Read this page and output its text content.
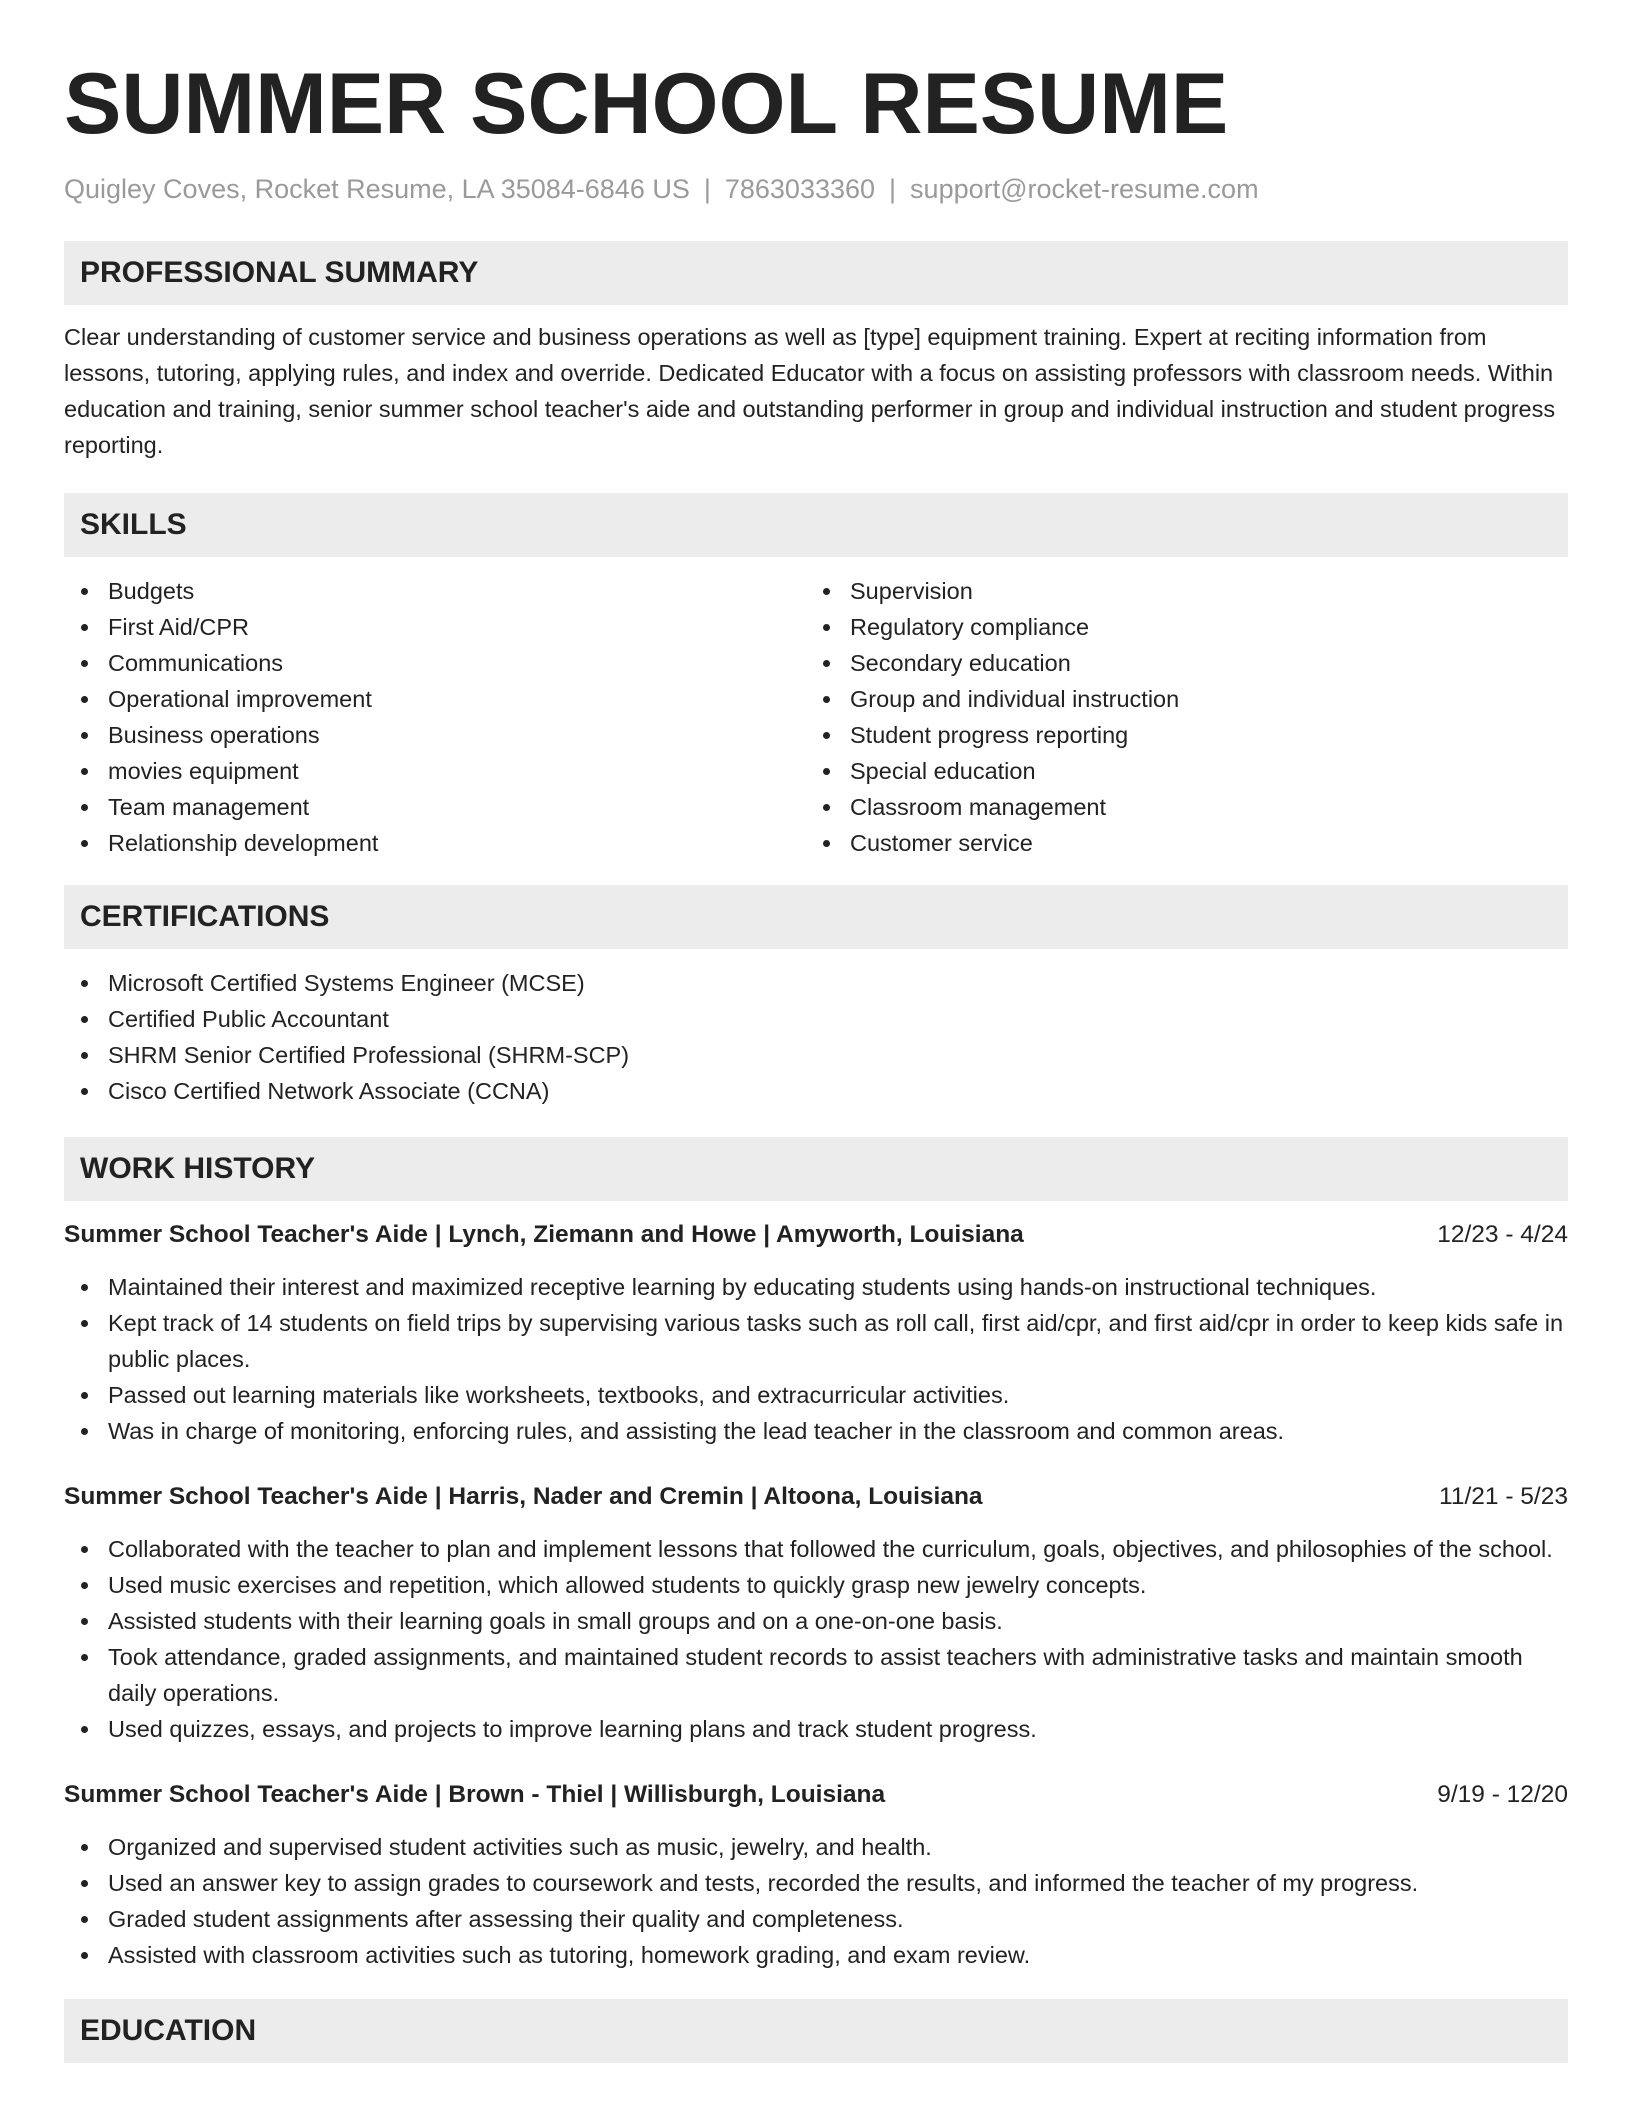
SUMMER SCHOOL RESUME
Quigley Coves, Rocket Resume, LA 35084-6846 US | 7863033360 | support@rocket-resume.com
PROFESSIONAL SUMMARY
Clear understanding of customer service and business operations as well as [type] equipment training. Expert at reciting information from lessons, tutoring, applying rules, and index and override. Dedicated Educator with a focus on assisting professors with classroom needs. Within education and training, senior summer school teacher's aide and outstanding performer in group and individual instruction and student progress reporting.
SKILLS
Budgets
First Aid/CPR
Communications
Operational improvement
Business operations
movies equipment
Team management
Relationship development
Supervision
Regulatory compliance
Secondary education
Group and individual instruction
Student progress reporting
Special education
Classroom management
Customer service
CERTIFICATIONS
Microsoft Certified Systems Engineer (MCSE)
Certified Public Accountant
SHRM Senior Certified Professional (SHRM-SCP)
Cisco Certified Network Associate (CCNA)
WORK HISTORY
Summer School Teacher's Aide | Lynch, Ziemann and Howe | Amyworth, Louisiana	12/23 - 4/24
Maintained their interest and maximized receptive learning by educating students using hands-on instructional techniques.
Kept track of 14 students on field trips by supervising various tasks such as roll call, first aid/cpr, and first aid/cpr in order to keep kids safe in public places.
Passed out learning materials like worksheets, textbooks, and extracurricular activities.
Was in charge of monitoring, enforcing rules, and assisting the lead teacher in the classroom and common areas.
Summer School Teacher's Aide | Harris, Nader and Cremin | Altoona, Louisiana	11/21 - 5/23
Collaborated with the teacher to plan and implement lessons that followed the curriculum, goals, objectives, and philosophies of the school.
Used music exercises and repetition, which allowed students to quickly grasp new jewelry concepts.
Assisted students with their learning goals in small groups and on a one-on-one basis.
Took attendance, graded assignments, and maintained student records to assist teachers with administrative tasks and maintain smooth daily operations.
Used quizzes, essays, and projects to improve learning plans and track student progress.
Summer School Teacher's Aide | Brown - Thiel | Willisburgh, Louisiana	9/19 - 12/20
Organized and supervised student activities such as music, jewelry, and health.
Used an answer key to assign grades to coursework and tests, recorded the results, and informed the teacher of my progress.
Graded student assignments after assessing their quality and completeness.
Assisted with classroom activities such as tutoring, homework grading, and exam review.
EDUCATION
